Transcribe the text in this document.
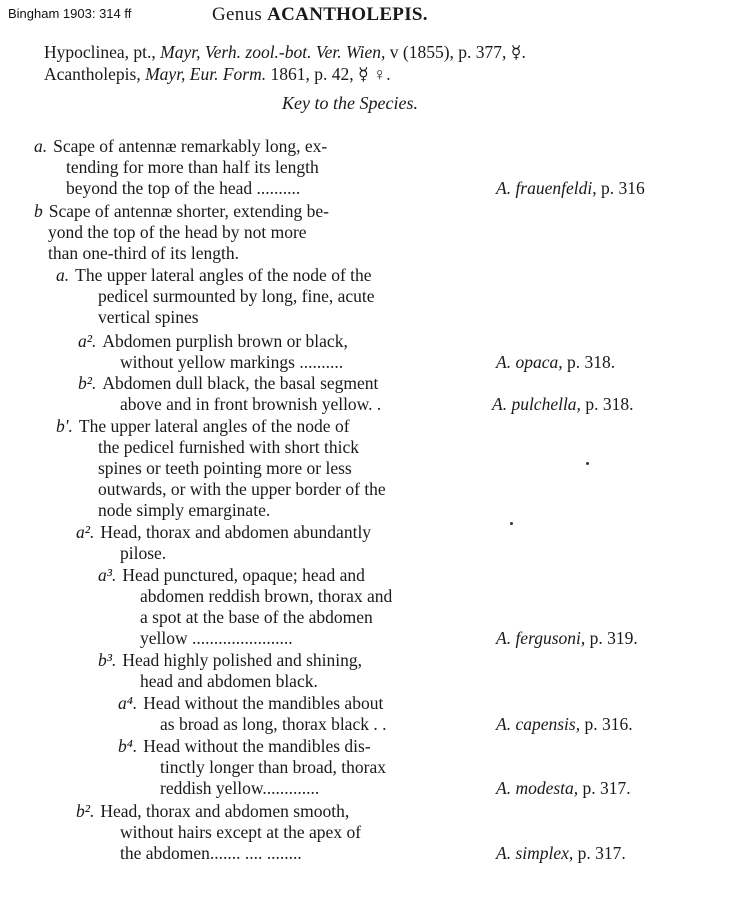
Bingham 1903: 314 ff	Genus ACANTHOLEPIS.
Hypoclinea, pt., Mayr, Verh. zool.-bot. Ver. Wien, v (1855), p. 377, ☿.
Acantholepis, Mayr, Eur. Form. 1861, p. 42, ☿ ♀.
Key to the Species.
a. Scape of antennæ remarkably long, ex-
tending for more than half its length
beyond the top of the head ..........
b Scape of antennæ shorter, extending be-
yond the top of the head by not more
than one-third of its length.
a. The upper lateral angles of the node of the
pedicel surmounted by long, fine, acute
vertical spines
a². Abdomen purplish brown or black,
without yellow markings ..........
b². Abdomen dull black, the basal segment
above and in front brownish yellow. .
b'. The upper lateral angles of the node of
the pedicel furnished with short thick
spines or teeth pointing more or less
outwards, or with the upper border of the
node simply emarginate.
a². Head, thorax and abdomen abundantly
pilose.
a³. Head punctured, opaque; head and
abdomen reddish brown, thorax and
a spot at the base of the abdomen
yellow .......................
b³. Head highly polished and shining,
head and abdomen black.
a⁴. Head without the mandibles about
as broad as long, thorax black . .
b⁴. Head without the mandibles dis-
tinctly longer than broad, thorax
reddish yellow.............
b². Head, thorax and abdomen smooth,
without hairs except at the apex of
the abdomen....... .... ........
A. frauenfeldi, p. 316
A. opaca, p. 318.
A. pulchella, p. 318.
A. fergusoni, p. 319.
A. capensis, p. 316.
A. modesta, p. 317.
A. simplex, p. 317.
